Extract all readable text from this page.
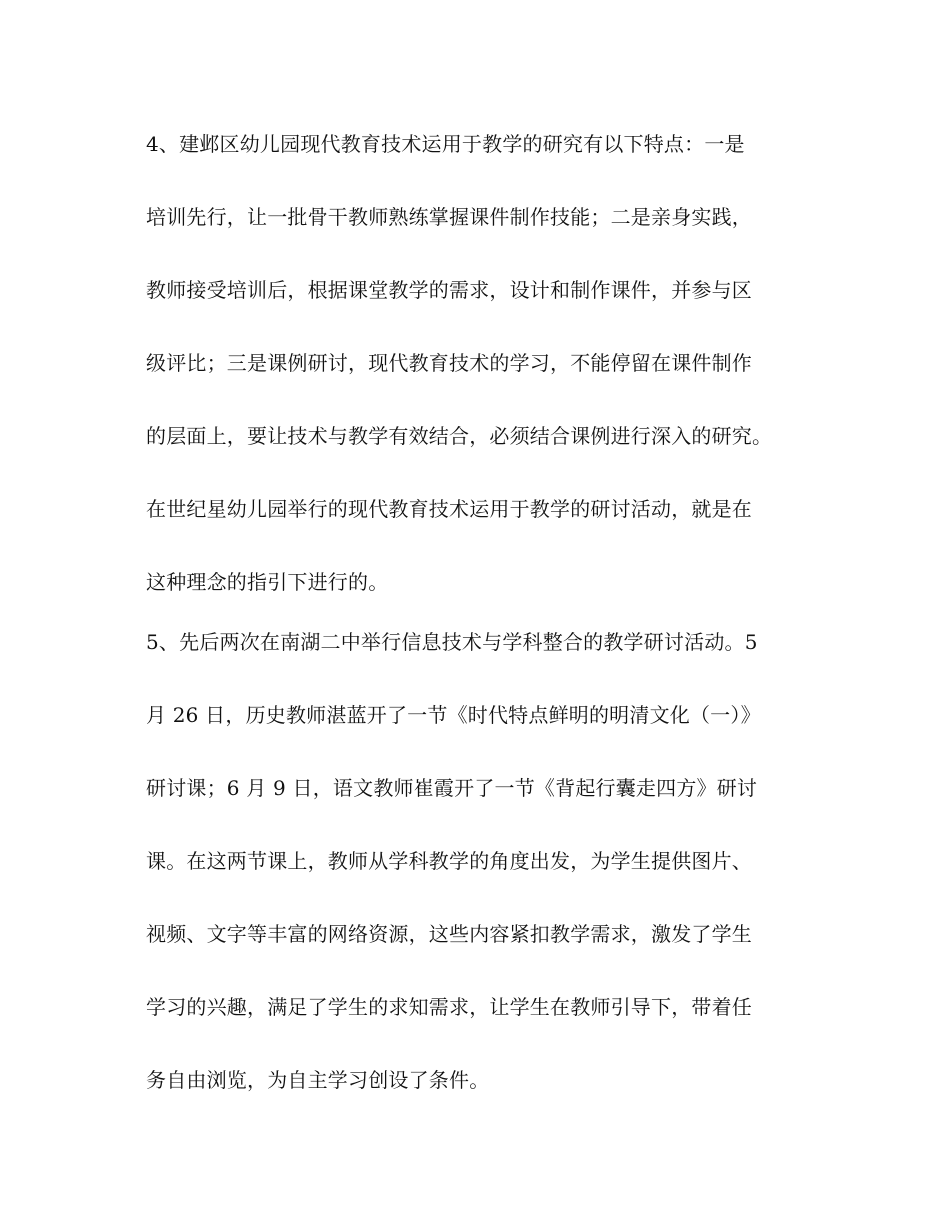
4、建邺区幼儿园现代教育技术运用于教学的研究有以下特点：一是
培训先行，让一批骨干教师熟练掌握课件制作技能；二是亲身实践，
教师接受培训后，根据课堂教学的需求，设计和制作课件，并参与区
级评比；三是课例研讨，现代教育技术的学习，不能停留在课件制作
的层面上，要让技术与教学有效结合，必须结合课例进行深入的研究。
在世纪星幼儿园举行的现代教育技术运用于教学的研讨活动，就是在
这种理念的指引下进行的。
5、先后两次在南湖二中举行信息技术与学科整合的教学研讨活动。5
月 26 日，历史教师湛蓝开了一节《时代特点鲜明的明清文化（一）》
研讨课；6 月 9 日，语文教师崔霞开了一节《背起行囊走四方》研讨
课。在这两节课上，教师从学科教学的角度出发，为学生提供图片、
视频、文字等丰富的网络资源，这些内容紧扣教学需求，激发了学生
学习的兴趣，满足了学生的求知需求，让学生在教师引导下，带着任
务自由浏览，为自主学习创设了条件。
